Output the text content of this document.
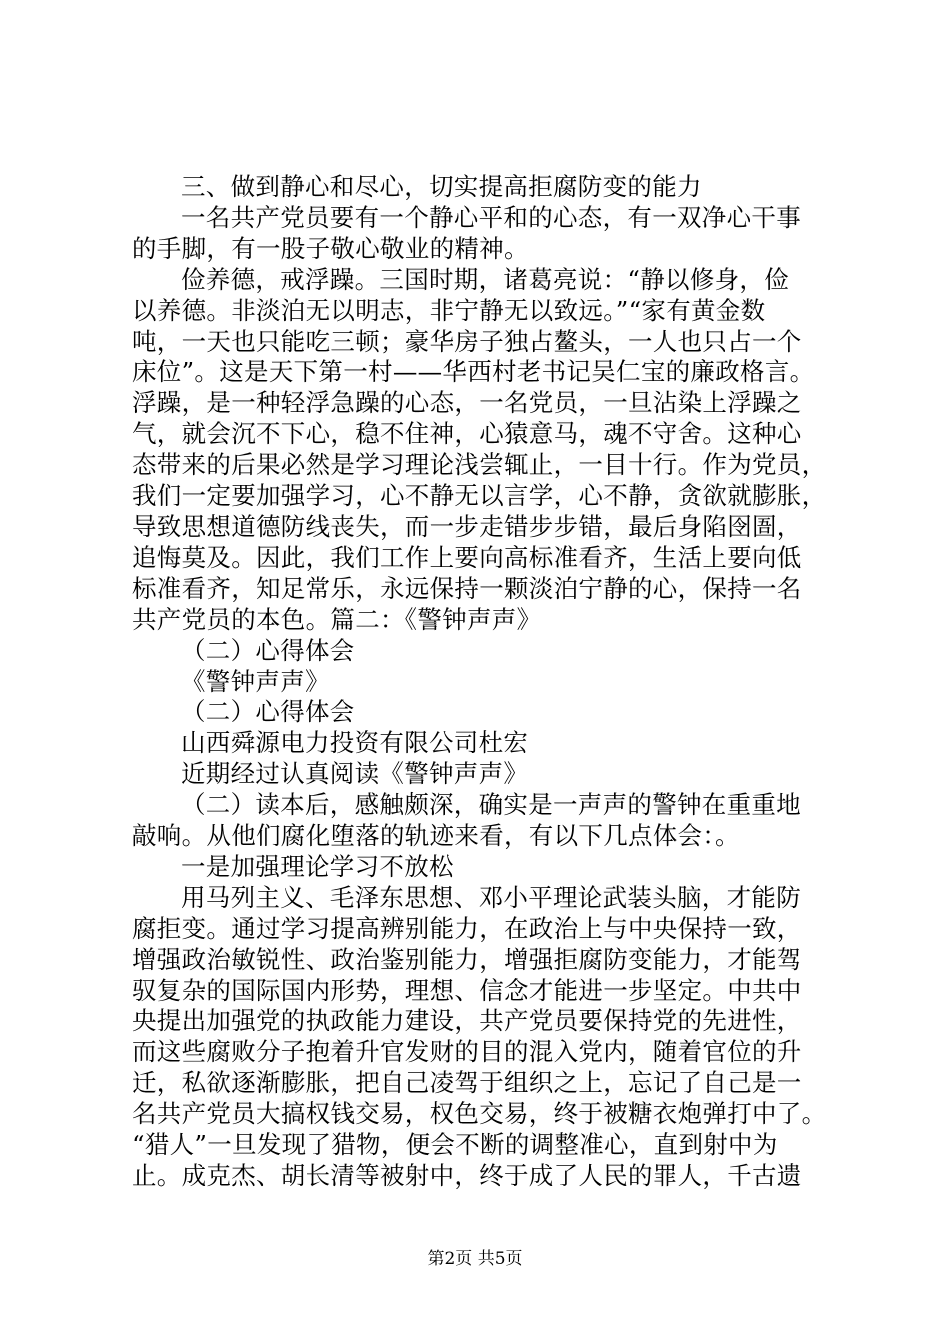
三、做到静心和尽心，切实提高拒腐防变的能力

一名共产党员要有一个静心平和的心态，有一双净心干事

的手脚，有一股子敬心敬业的精神。

俭养德，戒浮躁。三国时期，诸葛亮说：“静以修身，俭

以养德。非淡泊无以明志，非宁静无以致远。”“家有黄金数

吨，一天也只能吃三顿；豪华房子独占鳌头，一人也只占一个

床位”。这是天下第一村——华西村老书记吴仁宝的廉政格言。

浮躁，是一种轻浮急躁的心态，一名党员，一旦沾染上浮躁之

气，就会沉不下心，稳不住神，心猿意马，魂不守舍。这种心

态带来的后果必然是学习理论浅尝辄止，一目十行。作为党员，

我们一定要加强学习，心不静无以言学，心不静，贪欲就膨胀，

导致思想道德防线丧失，而一步走错步步错，最后身陷囹圄，

追悔莫及。因此，我们工作上要向高标准看齐，生活上要向低

标准看齐，知足常乐，永远保持一颗淡泊宁静的心，保持一名

共产党员的本色。篇二：《警钟声声》

（二）心得体会

《警钟声声》

（二）心得体会

山西舜源电力投资有限公司杜宏

近期经过认真阅读《警钟声声》

（二）读本后，感触颇深，确实是一声声的警钟在重重地

敲响。从他们腐化堕落的轨迹来看，有以下几点体会：。

一是加强理论学习不放松

用马列主义、毛泽东思想、邓小平理论武装头脑，才能防

腐拒变。通过学习提高辨别能力，在政治上与中央保持一致，

增强政治敏锐性、政治鉴别能力，增强拒腐防变能力，才能驾

驭复杂的国际国内形势，理想、信念才能进一步坚定。中共中

央提出加强党的执政能力建设，共产党员要保持党的先进性，

而这些腐败分子抱着升官发财的目的混入党内，随着官位的升

迁，私欲逐渐膨胀，把自己凌驾于组织之上，忘记了自己是一

名共产党员大搞权钱交易，权色交易，终于被糖衣炮弹打中了。

“猎人”一旦发现了猎物，便会不断的调整准心，直到射中为

止。成克杰、胡长清等被射中，终于成了人民的罪人，千古遗

第2页 共5页
